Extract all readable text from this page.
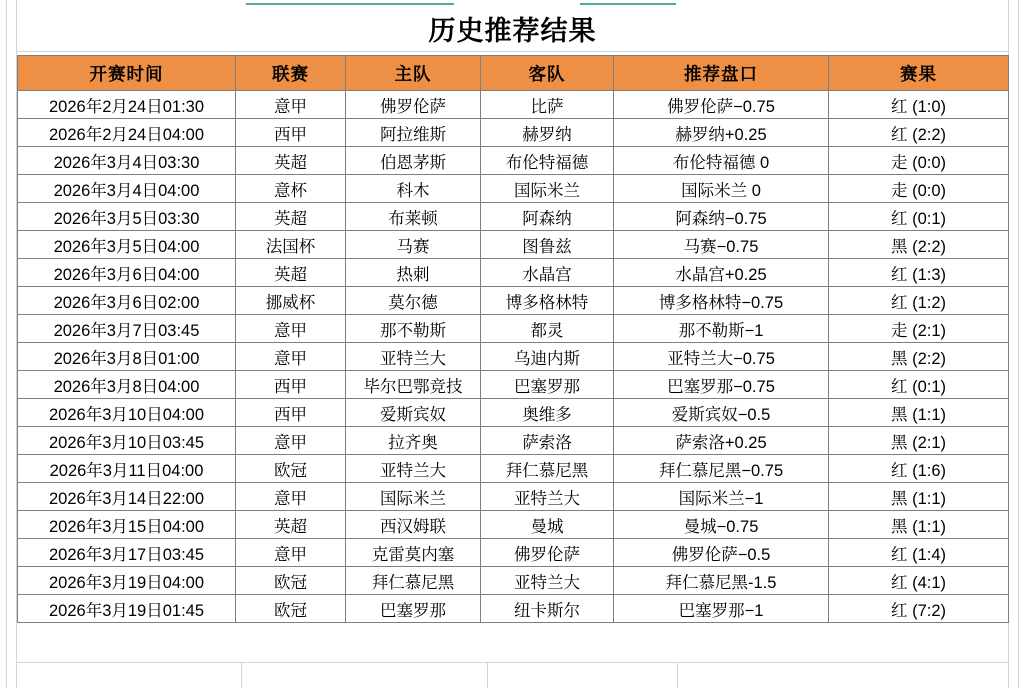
历史推荐结果
开赛时间	联赛	主队	客队	推荐盘口	赛果
2026年2月24日01:30	意甲	佛罗伦萨	比萨	佛罗伦萨−0.75	红 (1:0)
2026年2月24日04:00	西甲	阿拉维斯	赫罗纳	赫罗纳+0.25	红 (2:2)
2026年3月4日03:30	英超	伯恩茅斯	布伦特福德	布伦特福德 0	走 (0:0)
2026年3月4日04:00	意杯	科木	国际米兰	国际米兰 0	走 (0:0)
2026年3月5日03:30	英超	布莱顿	阿森纳	阿森纳−0.75	红 (0:1)
2026年3月5日04:00	法国杯	马赛	图鲁兹	马赛−0.75	黑 (2:2)
2026年3月6日04:00	英超	热刺	水晶宫	水晶宫+0.25	红 (1:3)
2026年3月6日02:00	挪威杯	莫尔德	博多格林特	博多格林特−0.75	红 (1:2)
2026年3月7日03:45	意甲	那不勒斯	都灵	那不勒斯−1	走 (2:1)
2026年3月8日01:00	意甲	亚特兰大	乌迪内斯	亚特兰大−0.75	黑 (2:2)
2026年3月8日04:00	西甲	毕尔巴鄂竞技	巴塞罗那	巴塞罗那−0.75	红 (0:1)
2026年3月10日04:00	西甲	爱斯宾奴	奥维多	爱斯宾奴−0.5	黑 (1:1)
2026年3月10日03:45	意甲	拉齐奥	萨索洛	萨索洛+0.25	黑 (2:1)
2026年3月11日04:00	欧冠	亚特兰大	拜仁慕尼黑	拜仁慕尼黑−0.75	红 (1:6)
2026年3月14日22:00	意甲	国际米兰	亚特兰大	国际米兰−1	黑 (1:1)
2026年3月15日04:00	英超	西汉姆联	曼城	曼城−0.75	黑 (1:1)
2026年3月17日03:45	意甲	克雷莫内塞	佛罗伦萨	佛罗伦萨−0.5	红 (1:4)
2026年3月19日04:00	欧冠	拜仁慕尼黑	亚特兰大	拜仁慕尼黑-1.5	红 (4:1)
2026年3月19日01:45	欧冠	巴塞罗那	纽卡斯尔	巴塞罗那−1	红 (7:2)
